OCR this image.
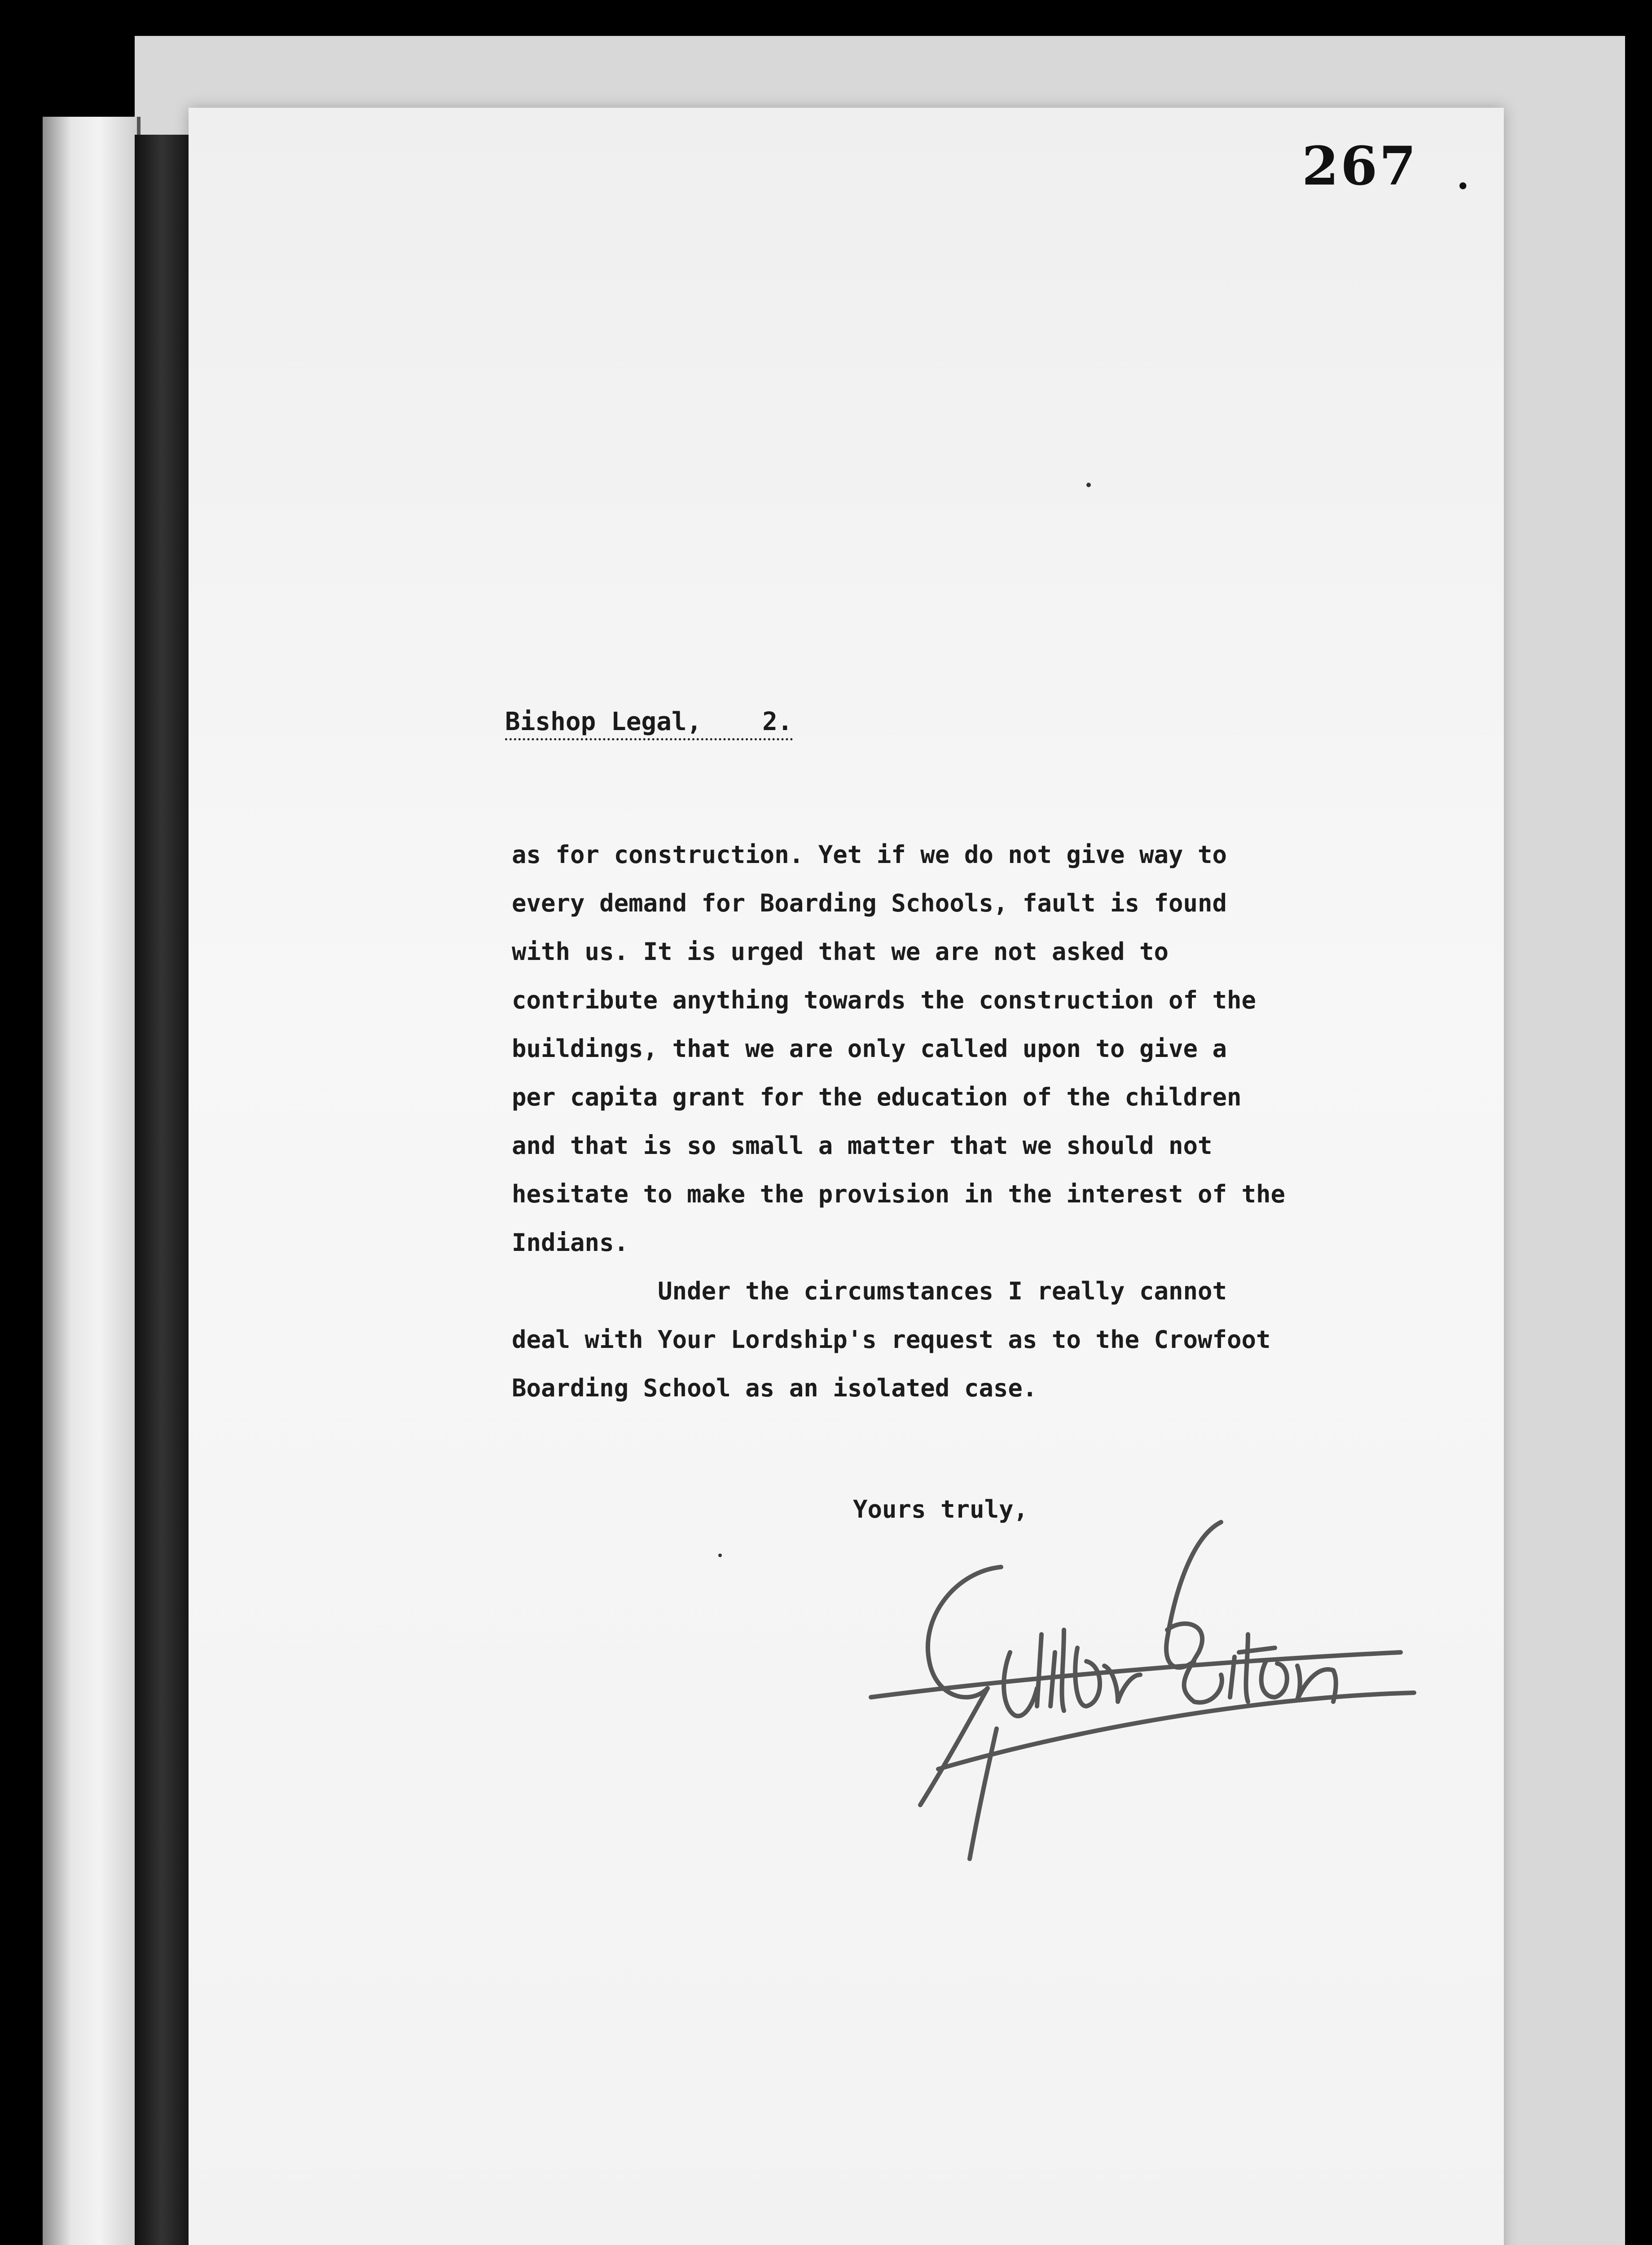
267 .
Bishop Legal,    2.
as for construction. Yet if we do not give way to
every demand for Boarding Schools, fault is found
with us. It is urged that we are not asked to
contribute anything towards the construction of the
buildings, that we are only called upon to give a
per capita grant for the education of the children
and that is so small a matter that we should not
hesitate to make the provision in the interest of the
Indians.
Under the circumstances I really cannot
deal with Your Lordship's request as to the Crowfoot
Boarding School as an isolated case.
Yours truly,
